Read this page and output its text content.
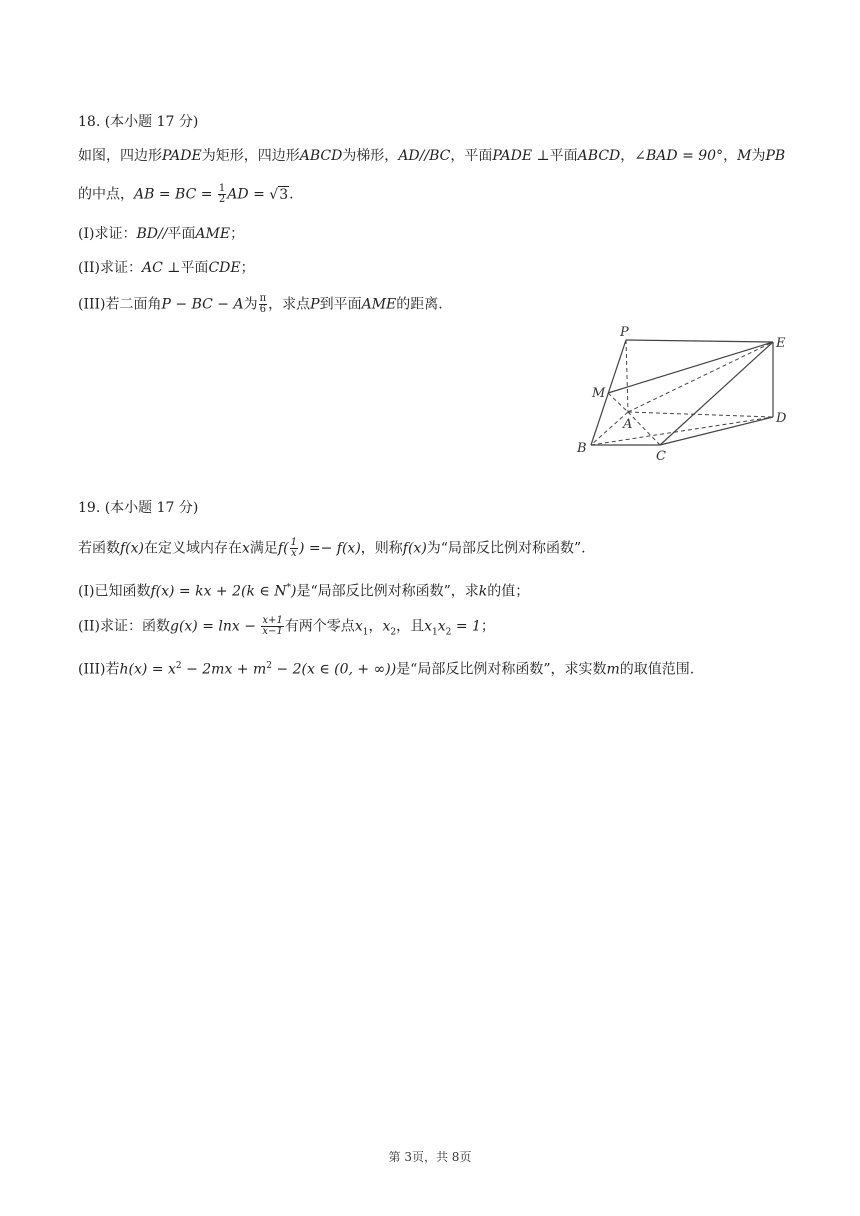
18. (本小题 17 分)
如图，四边形PADE为矩形，四边形ABCD为梯形，AD//BC，平面PADE ⊥平面ABCD，∠BAD = 90°，M为PB
的中点，AB = BC = $\frac{1}{2}$ AD = √3.
(I)求证：BD//平面AME；
(II)求证：AC ⊥平面CDE；
(III)若二面角P − BC − A为 $\frac{\pi}{6}$ ，求点P到平面AME的距离.
P
E
M
A	D
B
C
19. (本小题 17 分)
若函数f(x)在定义域内存在x满足$f( \frac{1}{x}$ ) =− f(x)，则称f(x)为“局部反比例对称函数”.
(I)已知函数f(x) = kx + 2(k ∈ N*)是“局部反比例对称函数”，求k的值；
(II)求证：函数$g(x) = \ln x - \frac{x+1}{x-1}$ 有两个零点$x_1$，$x_2$，且$x_1x_2 = 1$；
(III)若$h(x) = x^2 - 2mx + m^2 - 2(x$ ∈ (0, + ∞))是“局部反比例对称函数”，求实数m的取值范围.
第 3页，共 8页
